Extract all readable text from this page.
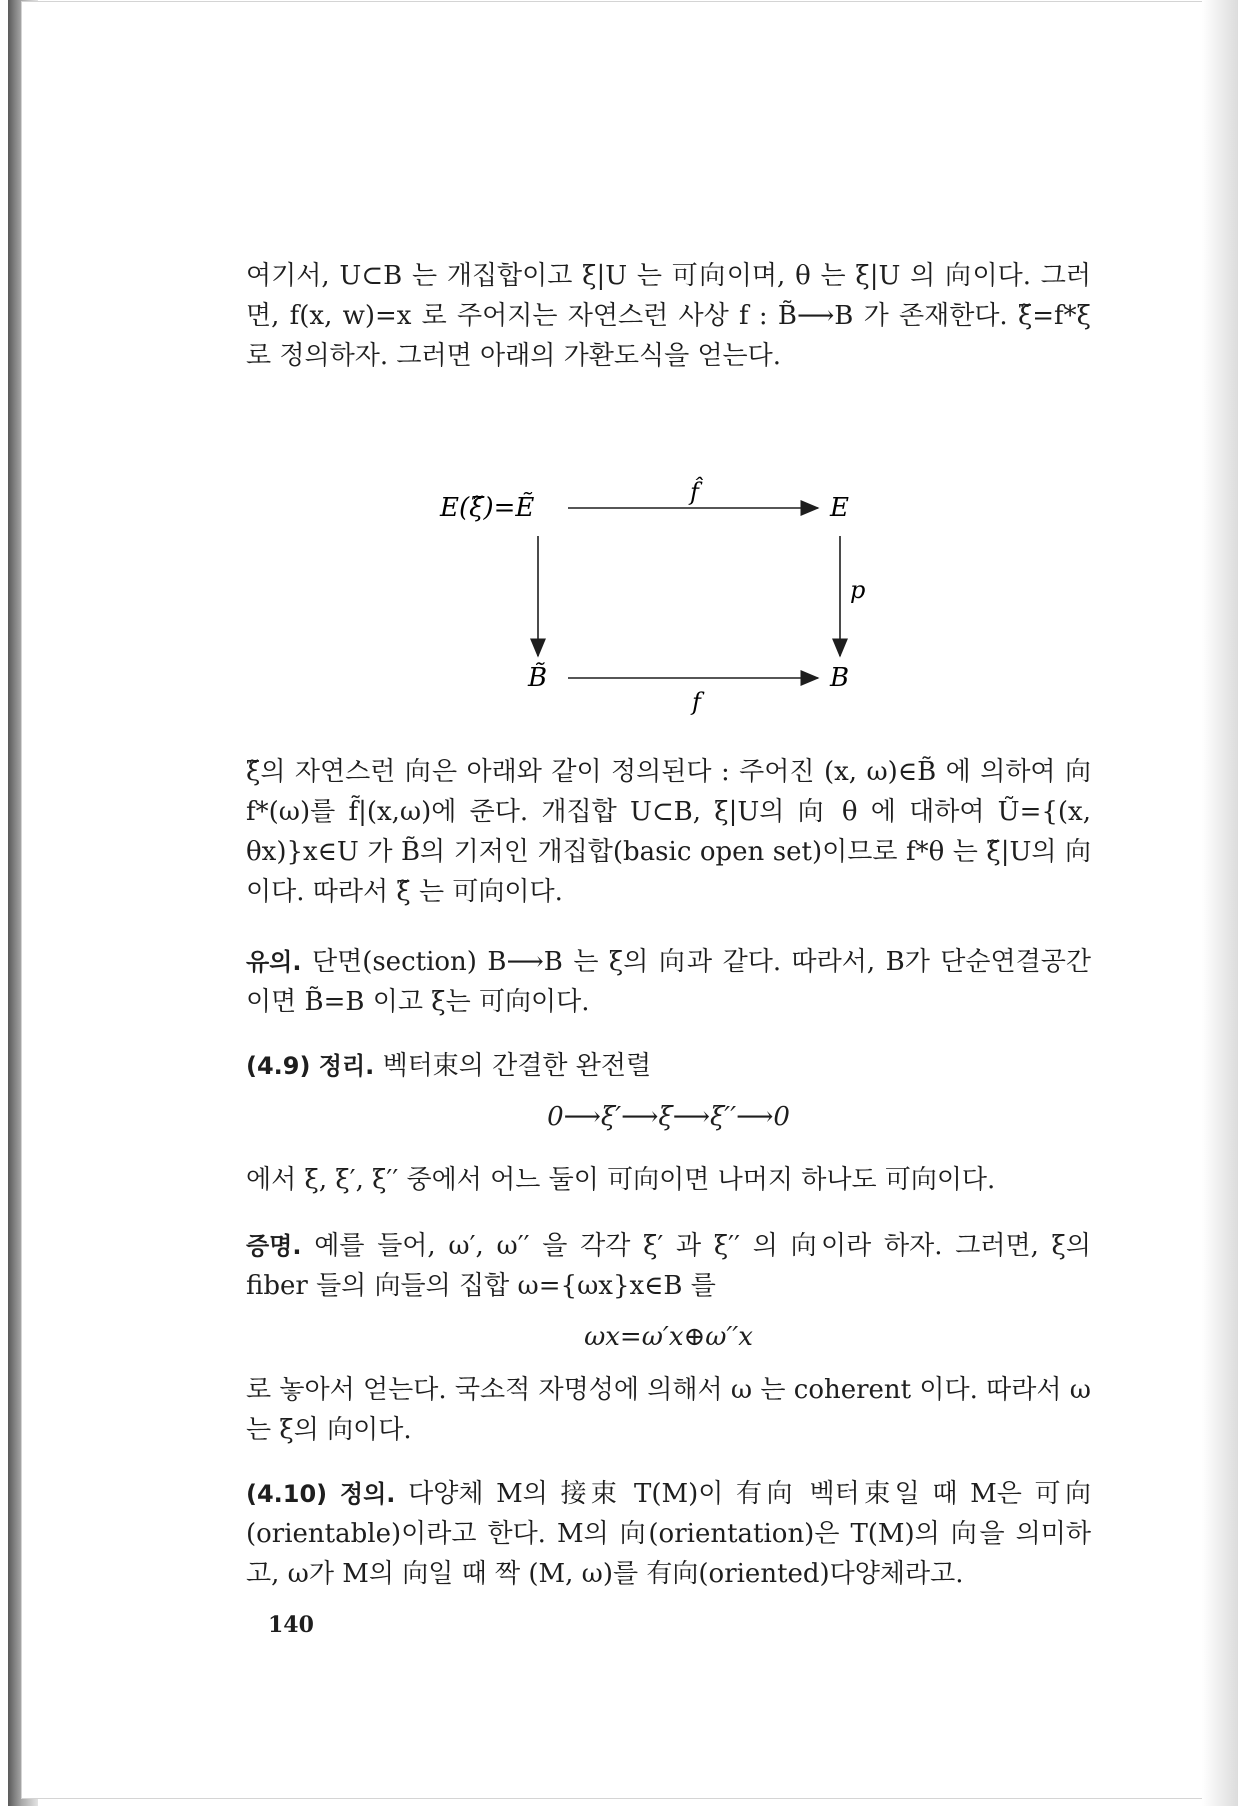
여기서, U⊂B 는 개집합이고 ξ|U 는 可向이며, θ 는 ξ|U 의 向이다. 그러면, f(x, w)=x 로 주어지는 자연스런 사상 f : B̃⟶B 가 존재한다. ξ̃=f*ξ 로 정의하자. 그러면 아래의 가환도식을 얻는다.

E(ξ̃)=Ẽ	E
B̃	B
f̂
f
p

ξ̃의 자연스런 向은 아래와 같이 정의된다 : 주어진 (x, ω)∈B̃ 에 의하여 向 f*(ω)를 f̃|(x,ω)에 준다. 개집합 U⊂B, ξ|U의 向 θ 에 대하여 Ũ={(x, θx)}x∈U 가 B̃의 기저인 개집합(basic open set)이므로 f*θ 는 ξ̃|U의 向이다. 따라서 ξ̃ 는 可向이다.

유의. 단면(section) B⟶B 는 ξ의 向과 같다. 따라서, B가 단순연결공간이면 B̃=B 이고 ξ는 可向이다.

(4.9) 정리. 벡터束의 간결한 완전렬

0⟶ξ′⟶ξ⟶ξ′′⟶0

에서 ξ, ξ′, ξ′′ 중에서 어느 둘이 可向이면 나머지 하나도 可向이다.

증명. 예를 들어, ω′, ω′′ 을 각각 ξ′ 과 ξ′′ 의 向이라 하자. 그러면, ξ의 fiber 들의 向들의 집합 ω={ωx}x∈B 를

ωx=ω′x⊕ω′′x

로 놓아서 얻는다. 국소적 자명성에 의해서 ω 는 coherent 이다. 따라서 ω 는 ξ의 向이다.

(4.10) 정의. 다양체 M의 接束 T(M)이 有向 벡터束일 때 M은 可向(orientable)이라고 한다. M의 向(orientation)은 T(M)의 向을 의미하고, ω가 M의 向일 때 짝 (M, ω)를 有向(oriented)다양체라고.

140
